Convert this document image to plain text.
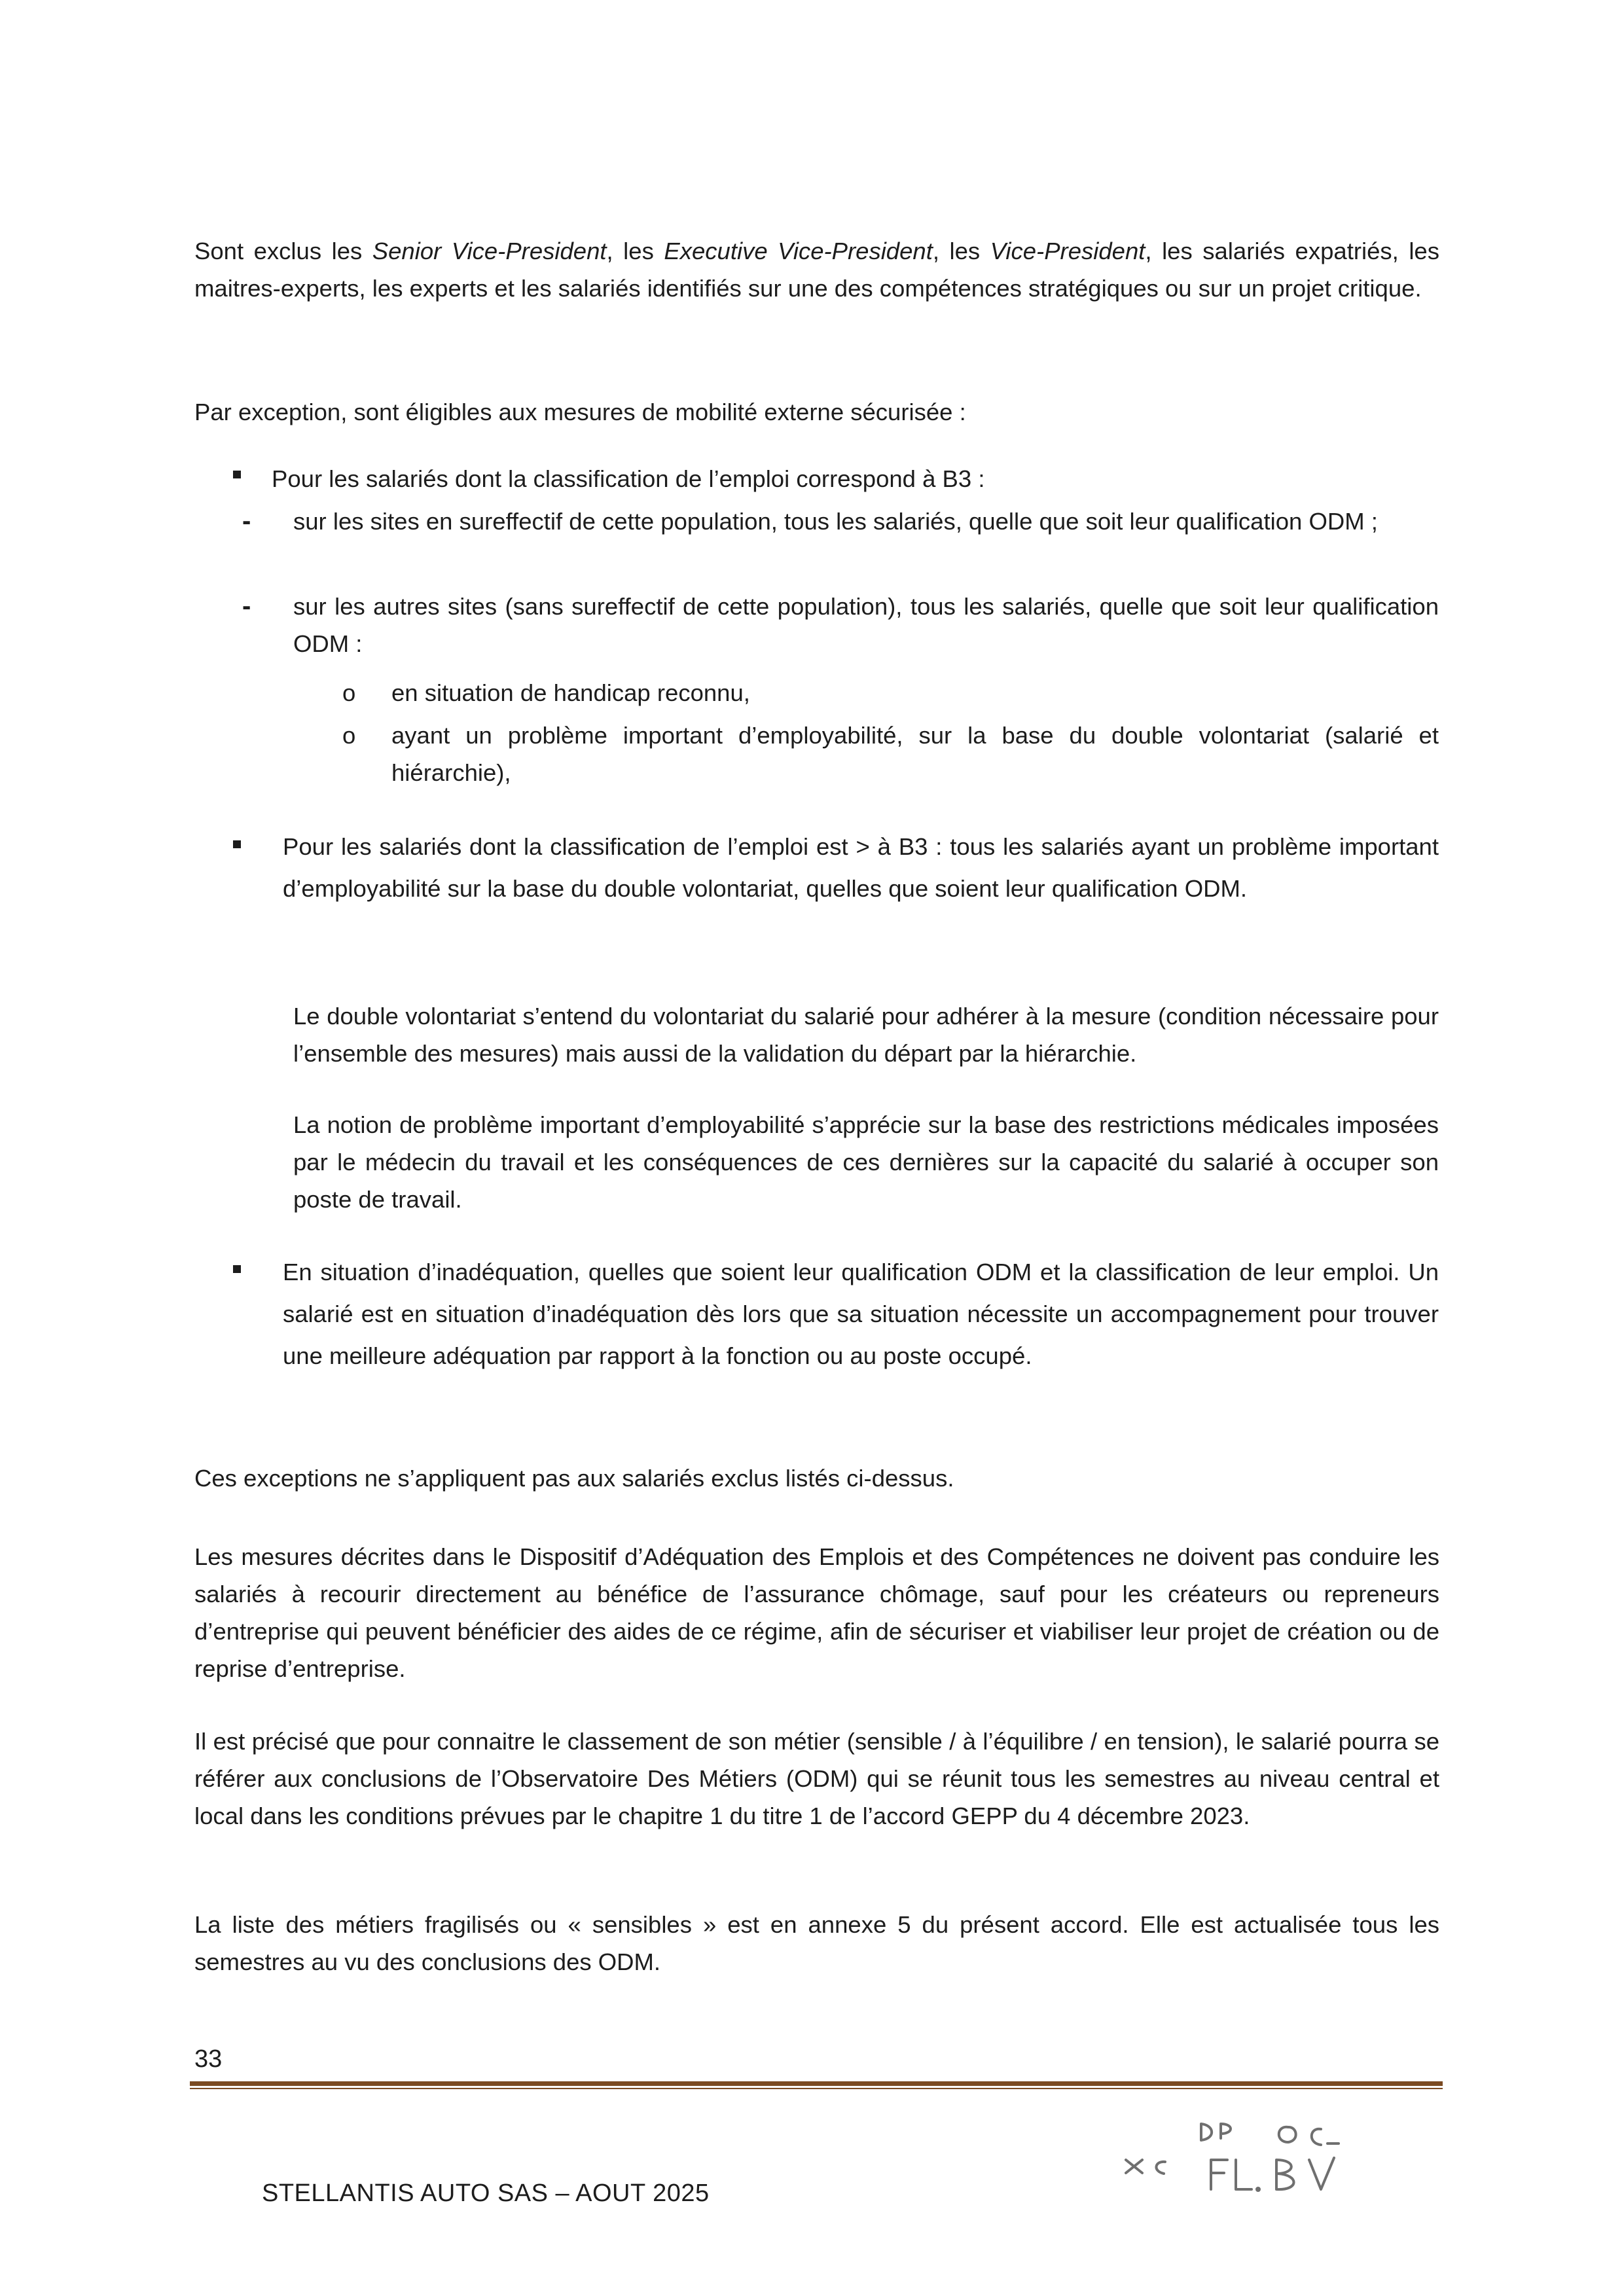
Sont exclus les Senior Vice-President, les Executive Vice-President, les Vice-President, les salariés expatriés, les maitres-experts, les experts et les salariés identifiés sur une des compétences stratégiques ou sur un projet critique.

Par exception, sont éligibles aux mesures de mobilité externe sécurisée :

Pour les salariés dont la classification de l’emploi correspond à B3 :

- sur les sites en sureffectif de cette population, tous les salariés, quelle que soit leur qualification ODM ;

- sur les autres sites (sans sureffectif de cette population), tous les salariés, quelle que soit leur qualification ODM :

o en situation de handicap reconnu,

o ayant un problème important d’employabilité, sur la base du double volontariat (salarié et hiérarchie),

Pour les salariés dont la classification de l’emploi est > à B3 : tous les salariés ayant un problème important d’employabilité sur la base du double volontariat, quelles que soient leur qualification ODM.

Le double volontariat s’entend du volontariat du salarié pour adhérer à la mesure (condition nécessaire pour l’ensemble des mesures) mais aussi de la validation du départ par la hiérarchie.

La notion de problème important d’employabilité s’apprécie sur la base des restrictions médicales imposées par le médecin du travail et les conséquences de ces dernières sur la capacité du salarié à occuper son poste de travail.

En situation d’inadéquation, quelles que soient leur qualification ODM et la classification de leur emploi. Un salarié est en situation d’inadéquation dès lors que sa situation nécessite un accompagnement pour trouver une meilleure adéquation par rapport à la fonction ou au poste occupé.

Ces exceptions ne s’appliquent pas aux salariés exclus listés ci-dessus.

Les mesures décrites dans le Dispositif d’Adéquation des Emplois et des Compétences ne doivent pas conduire les salariés à recourir directement au bénéfice de l’assurance chômage, sauf pour les créateurs ou repreneurs d’entreprise qui peuvent bénéficier des aides de ce régime, afin de sécuriser et viabiliser leur projet de création ou de reprise d’entreprise.

Il est précisé que pour connaitre le classement de son métier (sensible / à l’équilibre / en tension), le salarié pourra se référer aux conclusions de l’Observatoire Des Métiers (ODM) qui se réunit tous les semestres au niveau central et local dans les conditions prévues par le chapitre 1 du titre 1 de l’accord GEPP du 4 décembre 2023.

La liste des métiers fragilisés ou « sensibles » est en annexe 5 du présent accord. Elle est actualisée tous les semestres au vu des conclusions des ODM.

33
STELLANTIS AUTO SAS – AOUT 2025
